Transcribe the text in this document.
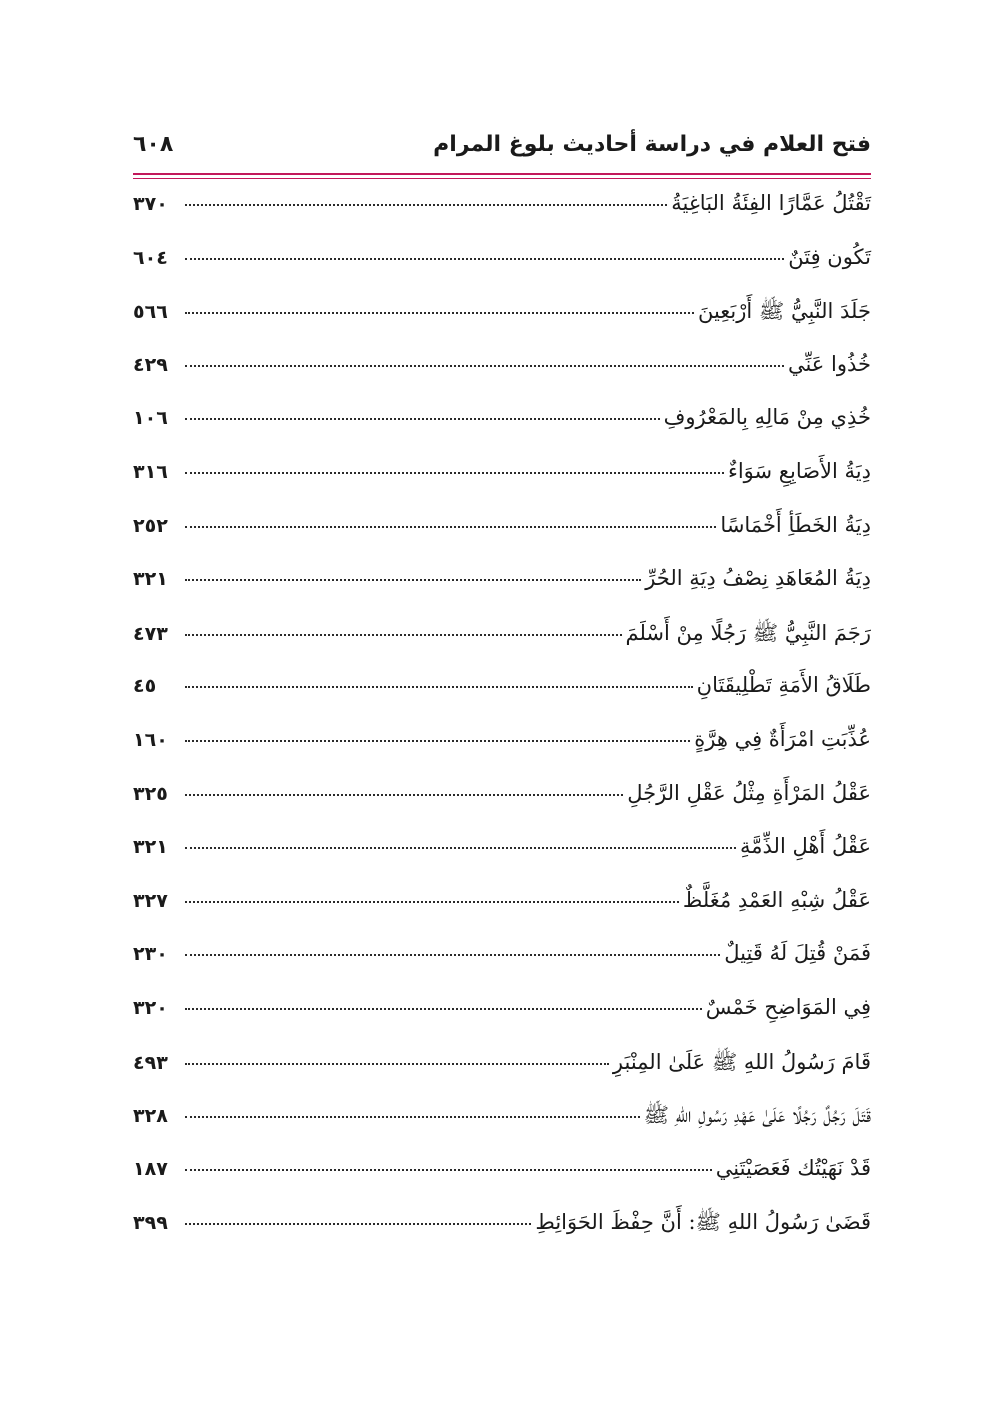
فتح العلام في دراسة أحاديث بلوغ المرام
٦٠٨
تَقْتُلُ عَمَّارًا الفِئَةُ البَاغِيَةُ
٣٧٠
تَكُون فِتَنٌ
٦٠٤
جَلَدَ النَّبِيُّ ﷺ أَرْبَعِينَ
٥٦٦
خُذُوا عَنِّي
٤٢٩
خُذِي مِنْ مَالِهِ بِالمَعْرُوفِ
١٠٦
دِيَةُ الأَصَابِعِ سَوَاءٌ
٣١٦
دِيَةُ الخَطَأِ أَخْمَاسًا
٢٥٢
دِيَةُ المُعَاهَدِ نِصْفُ دِيَةِ الحُرِّ
٣٢١
رَجَمَ النَّبِيُّ ﷺ رَجُلًا مِنْ أَسْلَمَ
٤٧٣
طَلَاقُ الأَمَةِ تَطْلِيقَتَانِ
٤٥
عُذِّبَتِ امْرَأَةٌ فِي هِرَّةٍ
١٦٠
عَقْلُ المَرْأَةِ مِثْلُ عَقْلِ الرَّجُلِ
٣٢٥
عَقْلُ أَهْلِ الذِّمَّةِ
٣٢١
عَقْلُ شِبْهِ العَمْدِ مُغَلَّظٌ
٣٢٧
فَمَنْ قُتِلَ لَهُ قَتِيلٌ
٢٣٠
فِي المَوَاضِحِ خَمْسٌ
٣٢٠
قَامَ رَسُولُ اللهِ ﷺ عَلَىٰ المِنْبَرِ
٤٩٣
قَتَلَ رَجُلٌ رَجُلًا عَلَىٰ عَهْدِ رَسُولِ اللهِ ﷺ
٣٢٨
قَدْ نَهَيْتُك فَعَصَيْتَنِي
١٨٧
قَضَىٰ رَسُولُ اللهِ ﷺ: أَنَّ حِفْظَ الحَوَائِطِ
٣٩٩
